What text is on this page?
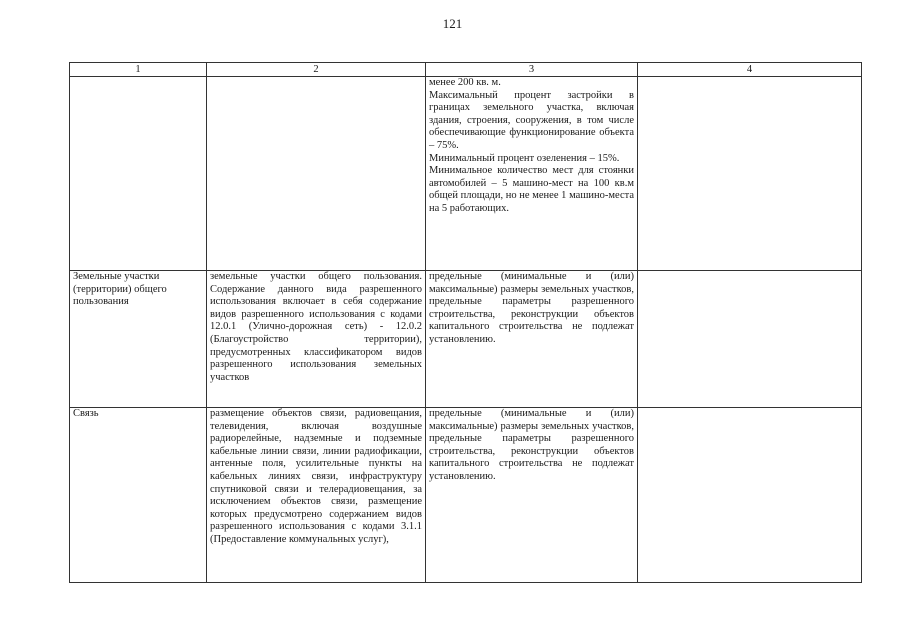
121
1	2	3	4

		менее 200 кв. м.

Максимальный процент застройки в границах земельного участка, включая здания, строения, сооружения, в том числе обеспечивающие функционирование объекта – 75%.

Минимальный процент озеленения – 15%.

Минимальное количество мест для стоянки автомобилей – 5 машино-мест на 100 кв.м общей площади, но не менее 1 машино-места на 5 работающих.	

Земельные участки (территории) общего пользования	земельные участки общего пользования. Содержание данного вида разрешенного использования включает в себя содержание видов разрешенного использования с кодами 12.0.1 (Улично-дорожная сеть) - 12.0.2 (Благоустройство территории), предусмотренных классификатором видов разрешенного использования земельных участков	предельные (минимальные и (или) максимальные) размеры земельных участков, предельные параметры разрешенного строительства, реконструкции объектов капитального строительства не подлежат установлению.	
Связь	размещение объектов связи, радиовещания, телевидения, включая воздушные радиорелейные, надземные и подземные кабельные линии связи, линии радиофикации, антенные поля, усилительные пункты на кабельных линиях связи, инфраструктуру спутниковой связи и телерадиовещания, за исключением объектов связи, размещение которых предусмотрено содержанием видов разрешенного использования с кодами 3.1.1 (Предоставление коммунальных услуг),	предельные (минимальные и (или) максимальные) размеры земельных участков, предельные параметры разрешенного строительства, реконструкции объектов капитального строительства не подлежат установлению.	
